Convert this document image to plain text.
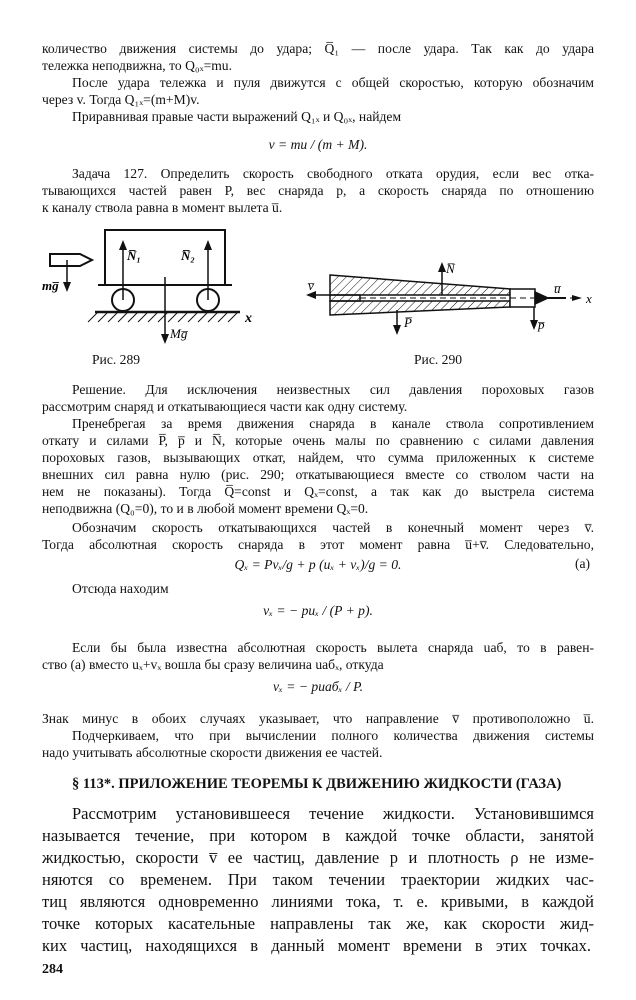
количество движения системы до удара; Q̅₁ — после удара. Так как до удара
тележка неподвижна, то Q₀ₓ=mu.
После удара тележка и пуля движутся с общей скоростью, которую обозначим
через v. Тогда Q₁ₓ=(m+M)v.
Приравнивая правые части выражений Q₁ₓ и Q₀ₓ, найдем
v = mu / (m + M).
Задача 127. Определить скорость свободного отката орудия, если вес отка-
тывающихся частей равен P, вес снаряда p, а скорость снаряда по отношению
к каналу ствола равна в момент вылета u̅.
N̅₁	N̅₂
mg̅
Mg̅
x
Рис. 289
N̅
v̅
P̅
u̅
p̅
x
Рис. 290
Решение. Для исключения неизвестных сил давления пороховых газов
рассмотрим снаряд и откатывающиеся части как одну систему.
Пренебрегая за время движения снаряда в канале ствола сопротивлением
откату и силами P̅, p̅ и N̅, которые очень малы по сравнению с силами давления
пороховых газов, вызывающих откат, найдем, что сумма приложенных к системе
внешних сил равна нулю (рис. 290; откатывающиеся вместе со стволом части на
нем не показаны). Тогда Q̅=const и Qₓ=const, а так как до выстрела система
неподвижна (Q₀=0), то и в любой момент времени Qₓ=0.
Обозначим скорость откатывающихся частей в конечный момент через v̅.
Тогда абсолютная скорость снаряда в этот момент равна u̅+v̅. Следовательно,
Qₓ = Pvₓ/g + p (uₓ + vₓ)/g = 0.	(a)
Отсюда находим
vₓ = − puₓ / (P + p).
Если бы была известна абсолютная скорость вылета снаряда uаб, то в равен-
ство (а) вместо uₓ+vₓ вошла бы сразу величина uабₓ, откуда
vₓ = − puабₓ / P.
Знак минус в обоих случаях указывает, что направление v̅ противоположно u̅.
Подчеркиваем, что при вычислении полного количества движения системы
надо учитывать абсолютные скорости движения ее частей.
§ 113*. ПРИЛОЖЕНИЕ ТЕОРЕМЫ К ДВИЖЕНИЮ ЖИДКОСТИ (ГАЗА)
Рассмотрим установившееся течение жидкости. Установившимся
называется течение, при котором в каждой точке области, занятой
жидкостью, скорости v̅ ее частиц, давление p и плотность ρ не изме-
няются со временем. При таком течении траектории жидких час-
тиц являются одновременно линиями тока, т. е. кривыми, в каждой
точке которых касательные направлены так же, как скорости жид-
ких частиц, находящихся в данный момент времени в этих точках.
284
